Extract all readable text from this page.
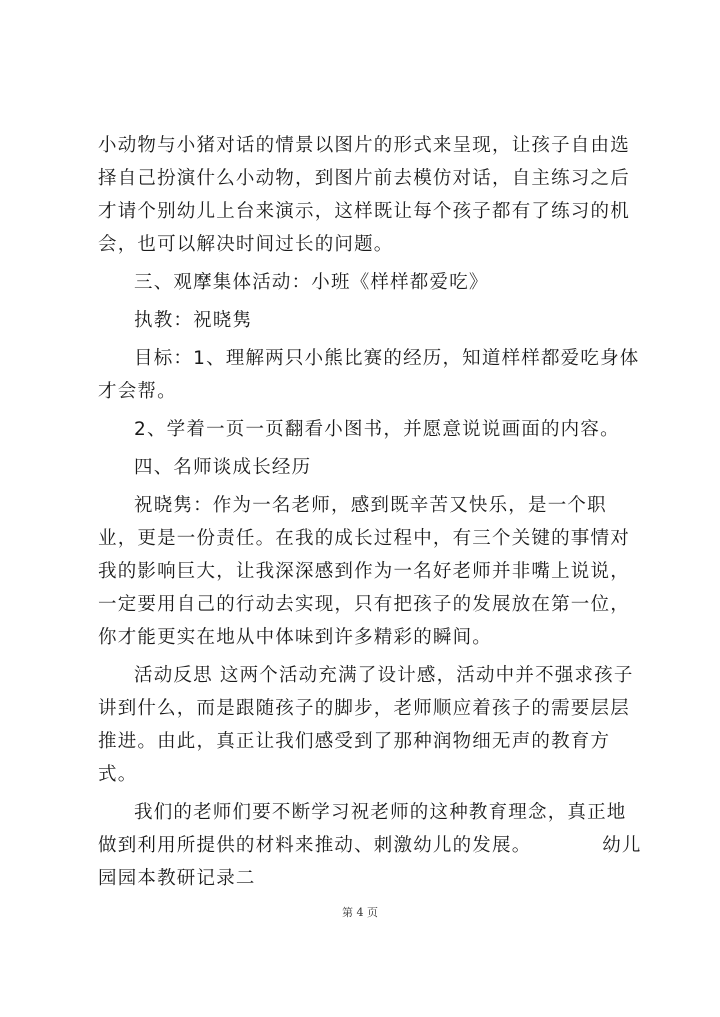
小动物与小猪对话的情景以图片的形式来呈现，让孩子自由选
择自己扮演什么小动物，到图片前去模仿对话，自主练习之后
才请个别幼儿上台来演示，这样既让每个孩子都有了练习的机
会，也可以解决时间过长的问题。
三、观摩集体活动：小班《样样都爱吃》
执教：祝晓隽
目标：1、理解两只小熊比赛的经历，知道样样都爱吃身体
才会帮。
2、学着一页一页翻看小图书，并愿意说说画面的内容。
四、名师谈成长经历
祝晓隽：作为一名老师，感到既辛苦又快乐，是一个职
业，更是一份责任。在我的成长过程中，有三个关键的事情对
我的影响巨大，让我深深感到作为一名好老师并非嘴上说说，
一定要用自己的行动去实现，只有把孩子的发展放在第一位，
你才能更实在地从中体味到许多精彩的瞬间。
活动反思 这两个活动充满了设计感，活动中并不强求孩子
讲到什么，而是跟随孩子的脚步，老师顺应着孩子的需要层层
推进。由此，真正让我们感受到了那种润物细无声的教育方
式。
我们的老师们要不断学习祝老师的这种教育理念，真正地
做到利用所提供的材料来推动、刺激幼儿的发展。          幼儿
园园本教研记录二
第 4 页
